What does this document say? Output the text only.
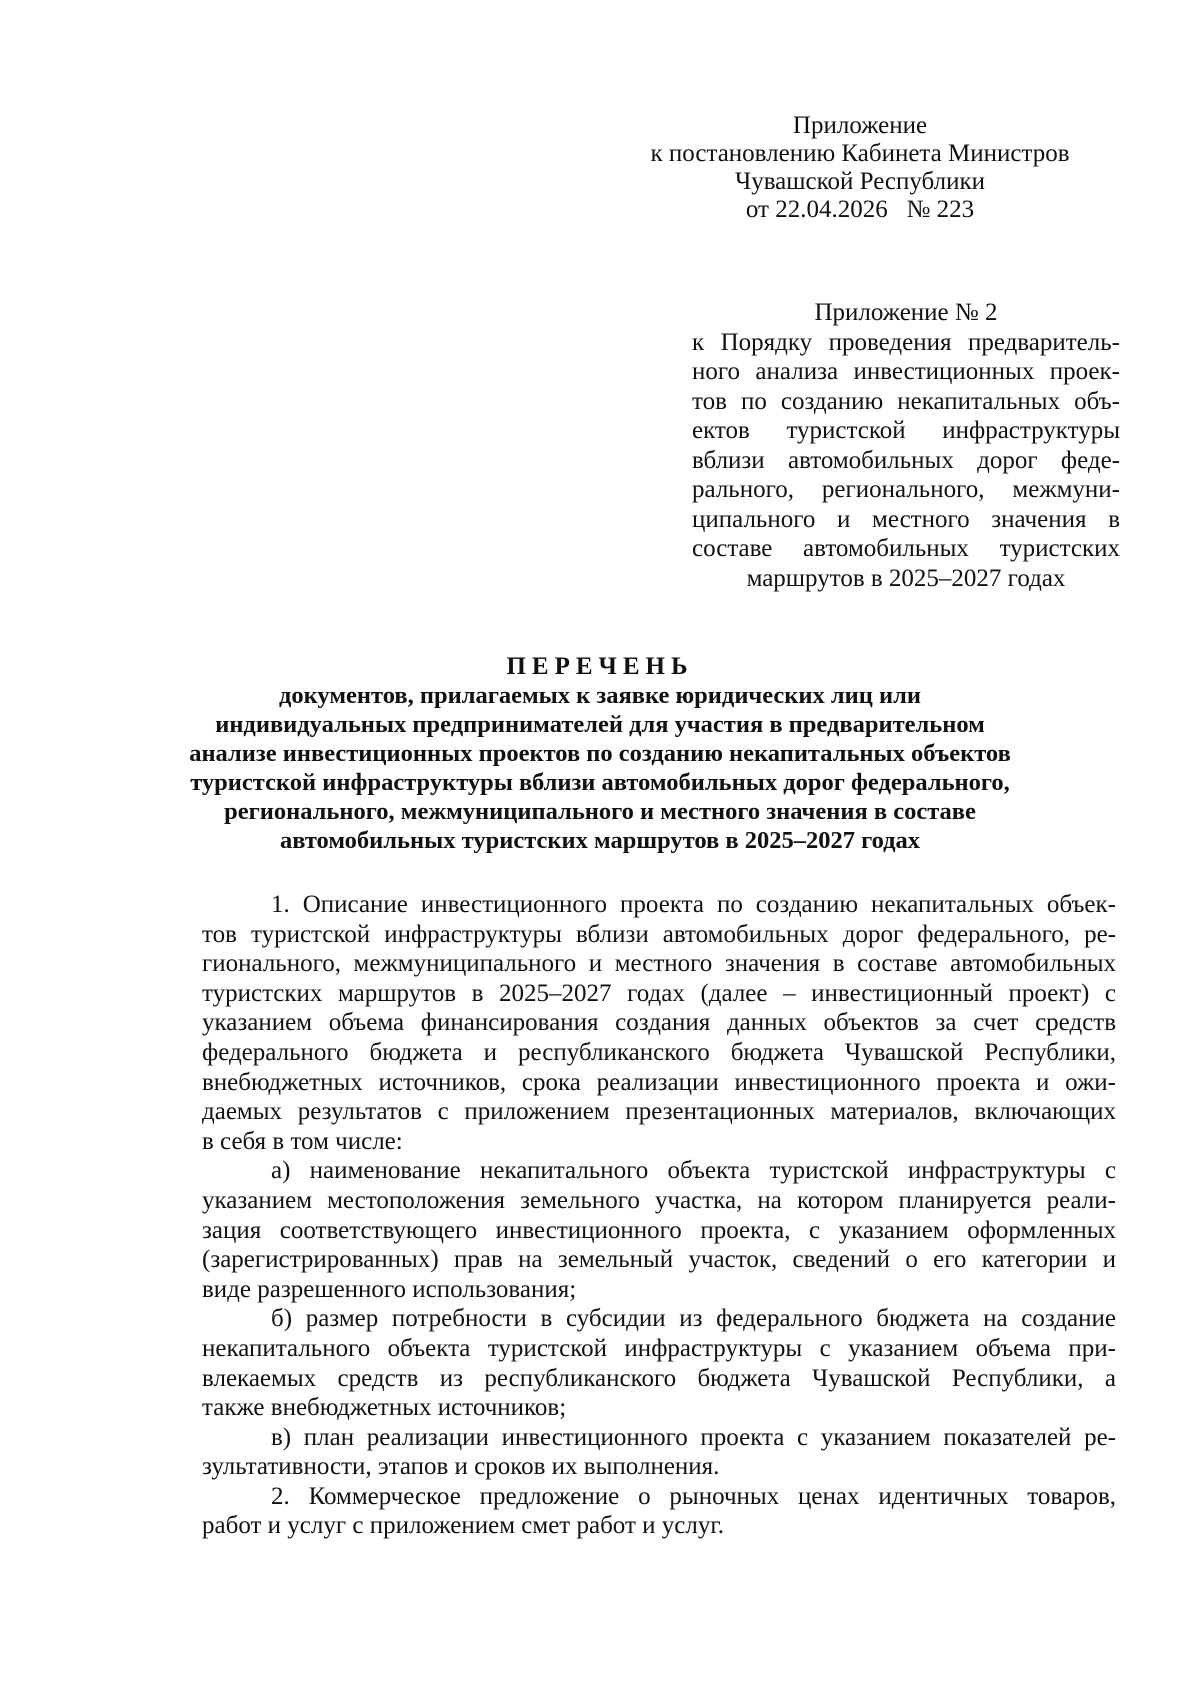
Приложение

к постановлению Кабинета Министров

Чувашской Республики

от 22.04.2026   № 223

Приложение № 2

к Порядку проведения предваритель-

ного анализа инвестиционных проек-

тов по созданию некапитальных объ-

ектов туристской инфраструктуры

вблизи автомобильных дорог феде-

рального, регионального, межмуни-

ципального и местного значения в

составе автомобильных туристских

маршрутов в 2025–2027 годах

ПЕРЕЧЕНЬ

документов, прилагаемых к заявке юридических лиц или

индивидуальных предпринимателей для участия в предварительном

анализе инвестиционных проектов по созданию некапитальных объектов

туристской инфраструктуры вблизи автомобильных дорог федерального,

регионального, межмуниципального и местного значения в составе

автомобильных туристских маршрутов в 2025–2027 годах

1. Описание инвестиционного проекта по созданию некапитальных объек-

тов туристской инфраструктуры вблизи автомобильных дорог федерального, ре-

гионального, межмуниципального и местного значения в составе автомобильных

туристских маршрутов в 2025–2027 годах (далее – инвестиционный проект) с

указанием объема финансирования создания данных объектов за счет средств

федерального бюджета и республиканского бюджета Чувашской Республики,

внебюджетных источников, срока реализации инвестиционного проекта и ожи-

даемых результатов с приложением презентационных материалов, включающих

в себя в том числе:

а) наименование некапитального объекта туристской инфраструктуры с

указанием местоположения земельного участка, на котором планируется реали-

зация соответствующего инвестиционного проекта, с указанием оформленных

(зарегистрированных) прав на земельный участок, сведений о его категории и

виде разрешенного использования;

б) размер потребности в субсидии из федерального бюджета на создание

некапитального объекта туристской инфраструктуры с указанием объема при-

влекаемых средств из республиканского бюджета Чувашской Республики, а

также внебюджетных источников;

в) план реализации инвестиционного проекта с указанием показателей ре-

зультативности, этапов и сроков их выполнения.

2. Коммерческое предложение о рыночных ценах идентичных товаров,

работ и услуг с приложением смет работ и услуг.
